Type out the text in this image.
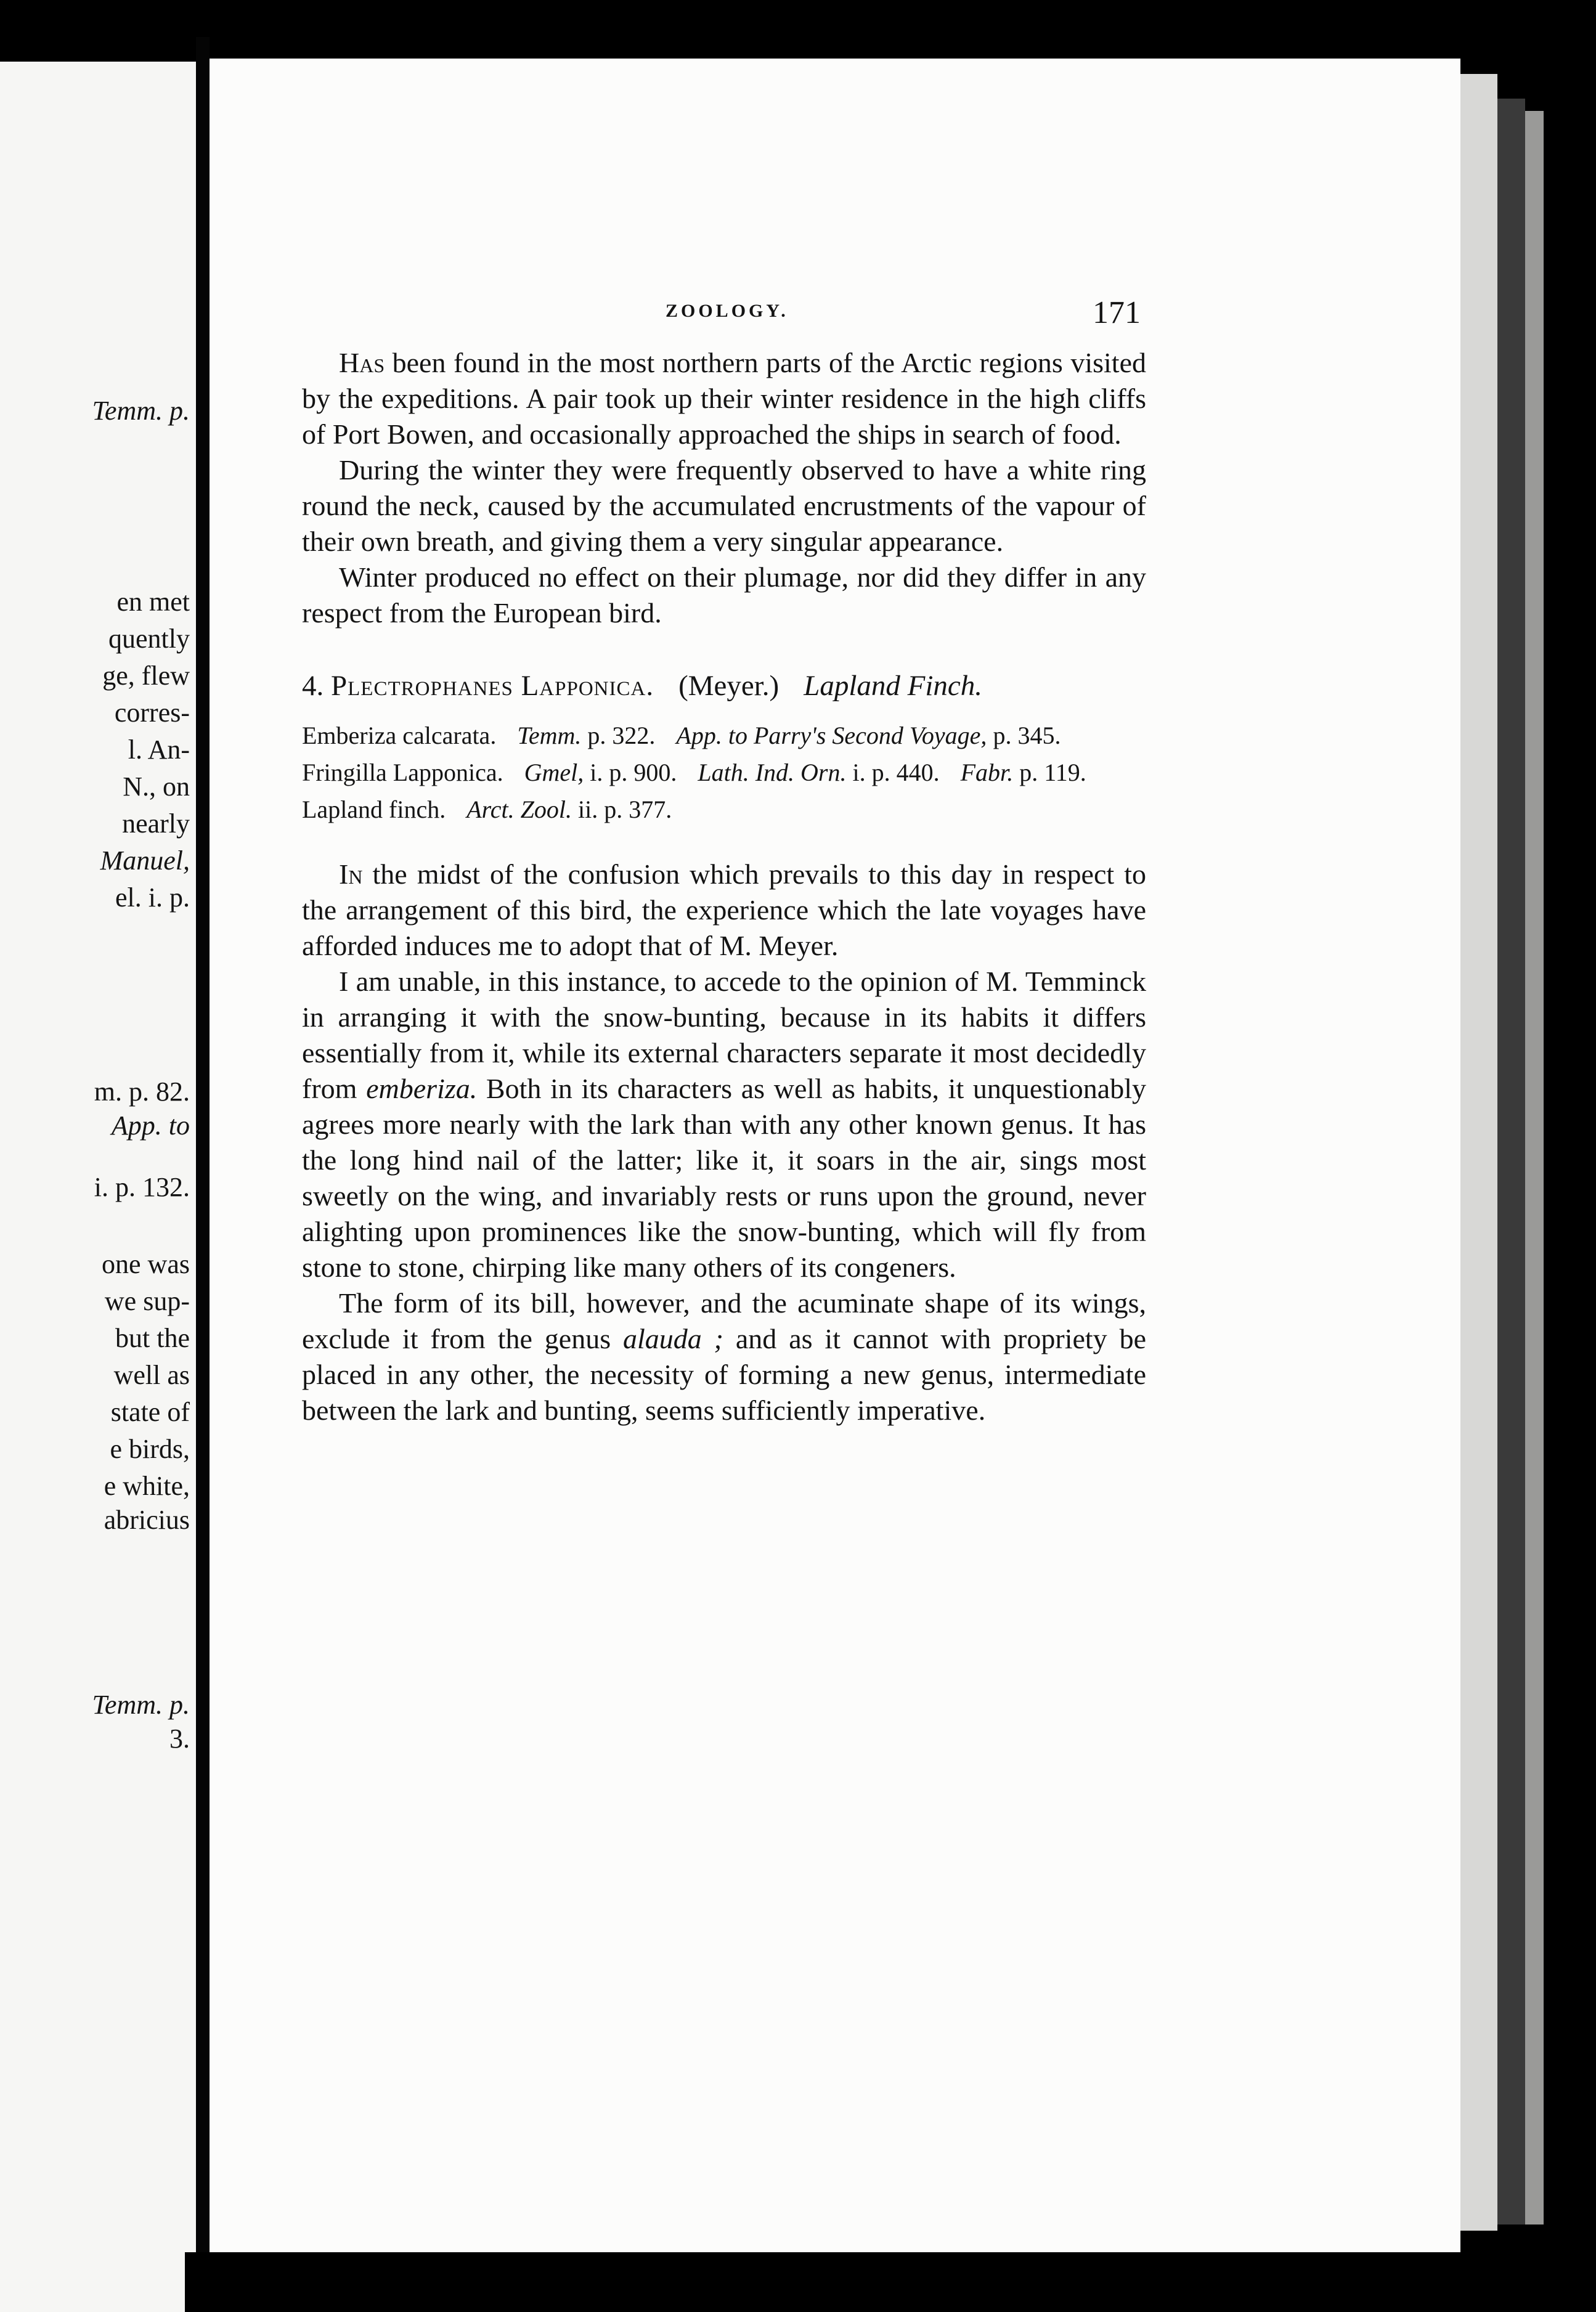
Temm. p.

en met

quently

ge, flew

corres-

l. An-

N., on

nearly

Manuel,

el. i. p.

m. p. 82.

App. to

i. p. 132.

one was

we sup-

but the

well as

state of

e birds,

e white,

abricius

Temm. p.

3.

ZOOLOGY.	171

Has been found in the most northern parts of the Arctic regions visited by the expeditions. A pair took up their winter residence in the high cliffs of Port Bowen, and occasionally approached the ships in search of food.

During the winter they were frequently observed to have a white ring round the neck, caused by the accumulated encrustments of the vapour of their own breath, and giving them a very singular appearance.

Winter produced no effect on their plumage, nor did they differ in any respect from the European bird.

4. Plectrophanes Lapponica. (Meyer.) Lapland Finch.

Emberiza calcarata. Temm. p. 322. App. to Parry's Second Voyage, p. 345.

Fringilla Lapponica. Gmel, i. p. 900. Lath. Ind. Orn. i. p. 440. Fabr. p. 119.

Lapland finch. Arct. Zool. ii. p. 377.

In the midst of the confusion which prevails to this day in respect to the arrangement of this bird, the experience which the late voyages have afforded induces me to adopt that of M. Meyer.

I am unable, in this instance, to accede to the opinion of M. Temminck in arranging it with the snow-bunting, because in its habits it differs essentially from it, while its external characters separate it most decidedly from emberiza. Both in its characters as well as habits, it unquestionably agrees more nearly with the lark than with any other known genus. It has the long hind nail of the latter; like it, it soars in the air, sings most sweetly on the wing, and invariably rests or runs upon the ground, never alighting upon prominences like the snow-bunting, which will fly from stone to stone, chirping like many others of its congeners.

The form of its bill, however, and the acuminate shape of its wings, exclude it from the genus alauda ; and as it cannot with propriety be placed in any other, the necessity of forming a new genus, intermediate between the lark and bunting, seems sufficiently imperative.
